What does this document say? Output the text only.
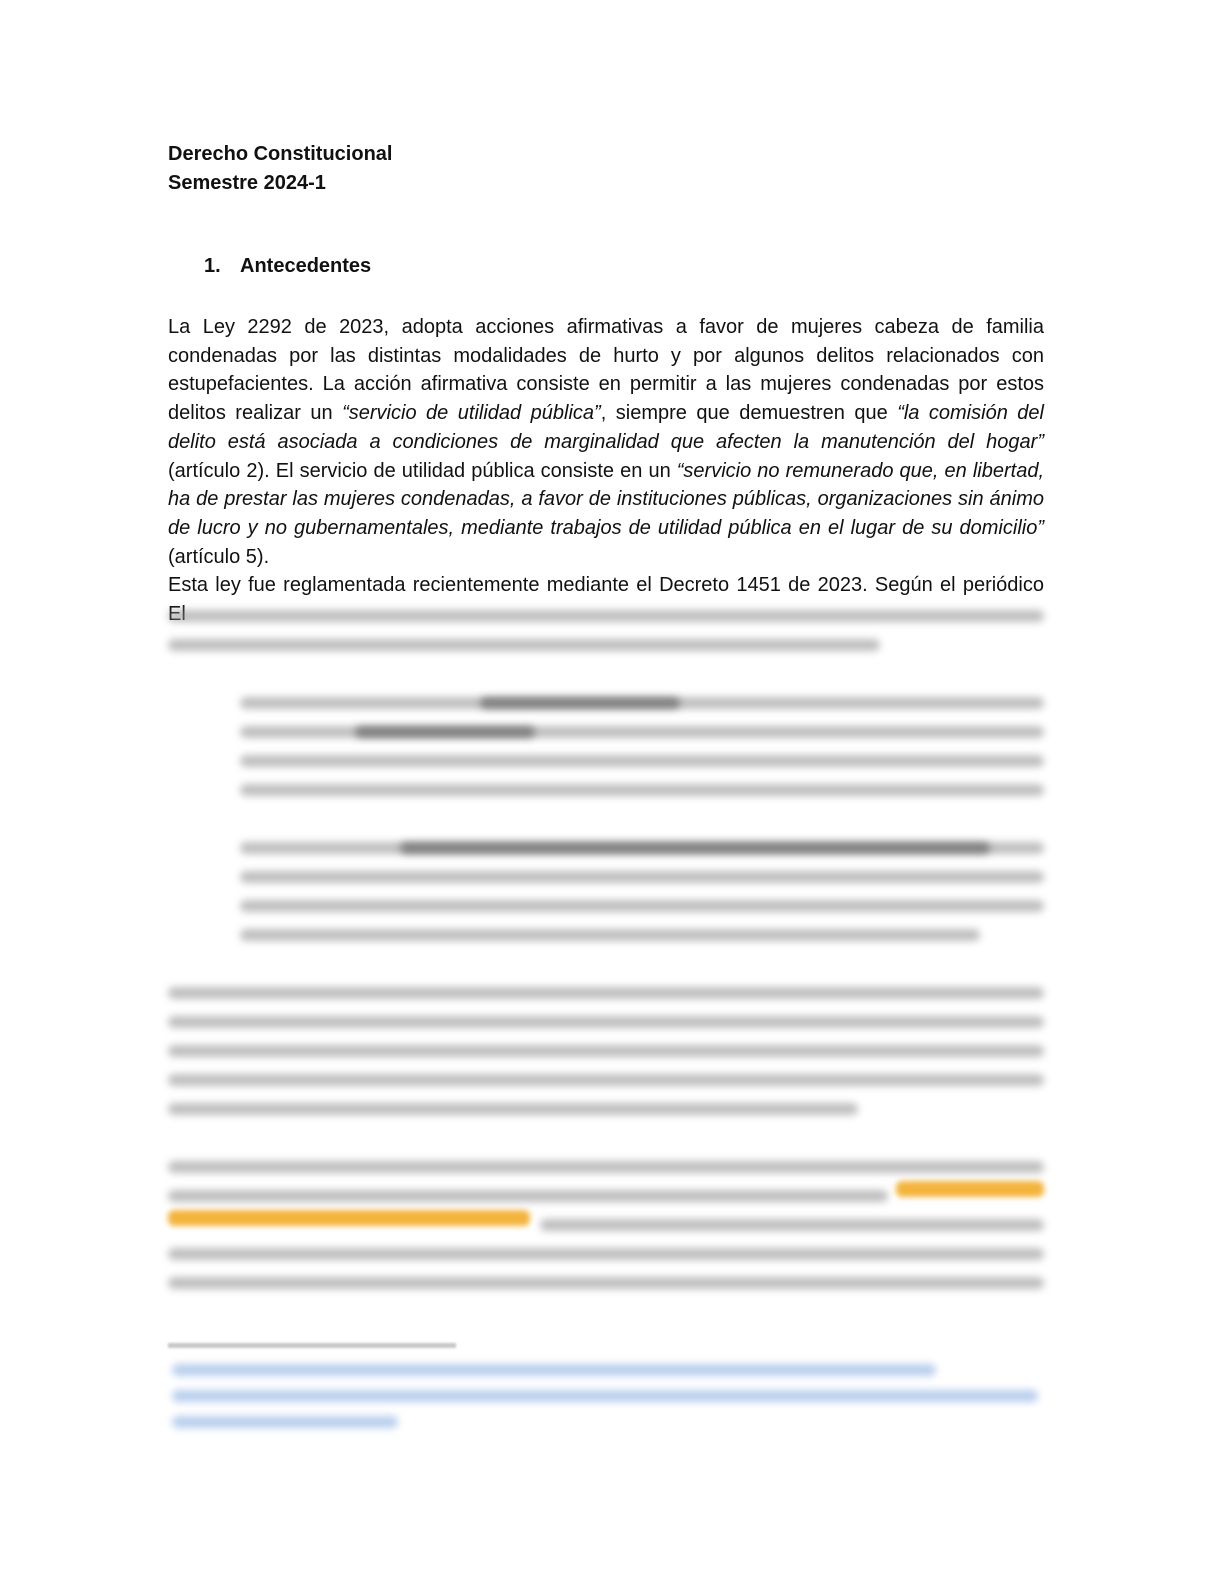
Derecho Constitucional
Semestre 2024-1
1. Antecedentes
La Ley 2292 de 2023, adopta acciones afirmativas a favor de mujeres cabeza de familia condenadas por las distintas modalidades de hurto y por algunos delitos relacionados con estupefacientes. La acción afirmativa consiste en permitir a las mujeres condenadas por estos delitos realizar un “servicio de utilidad pública”, siempre que demuestren que “la comisión del delito está asociada a condiciones de marginalidad que afecten la manutención del hogar” (artículo 2). El servicio de utilidad pública consiste en un “servicio no remunerado que, en libertad, ha de prestar las mujeres condenadas, a favor de instituciones públicas, organizaciones sin ánimo de lucro y no gubernamentales, mediante trabajos de utilidad pública en el lugar de su domicilio” (artículo 5).
Esta ley fue reglamentada recientemente mediante el Decreto 1451 de 2023. Según el periódico
